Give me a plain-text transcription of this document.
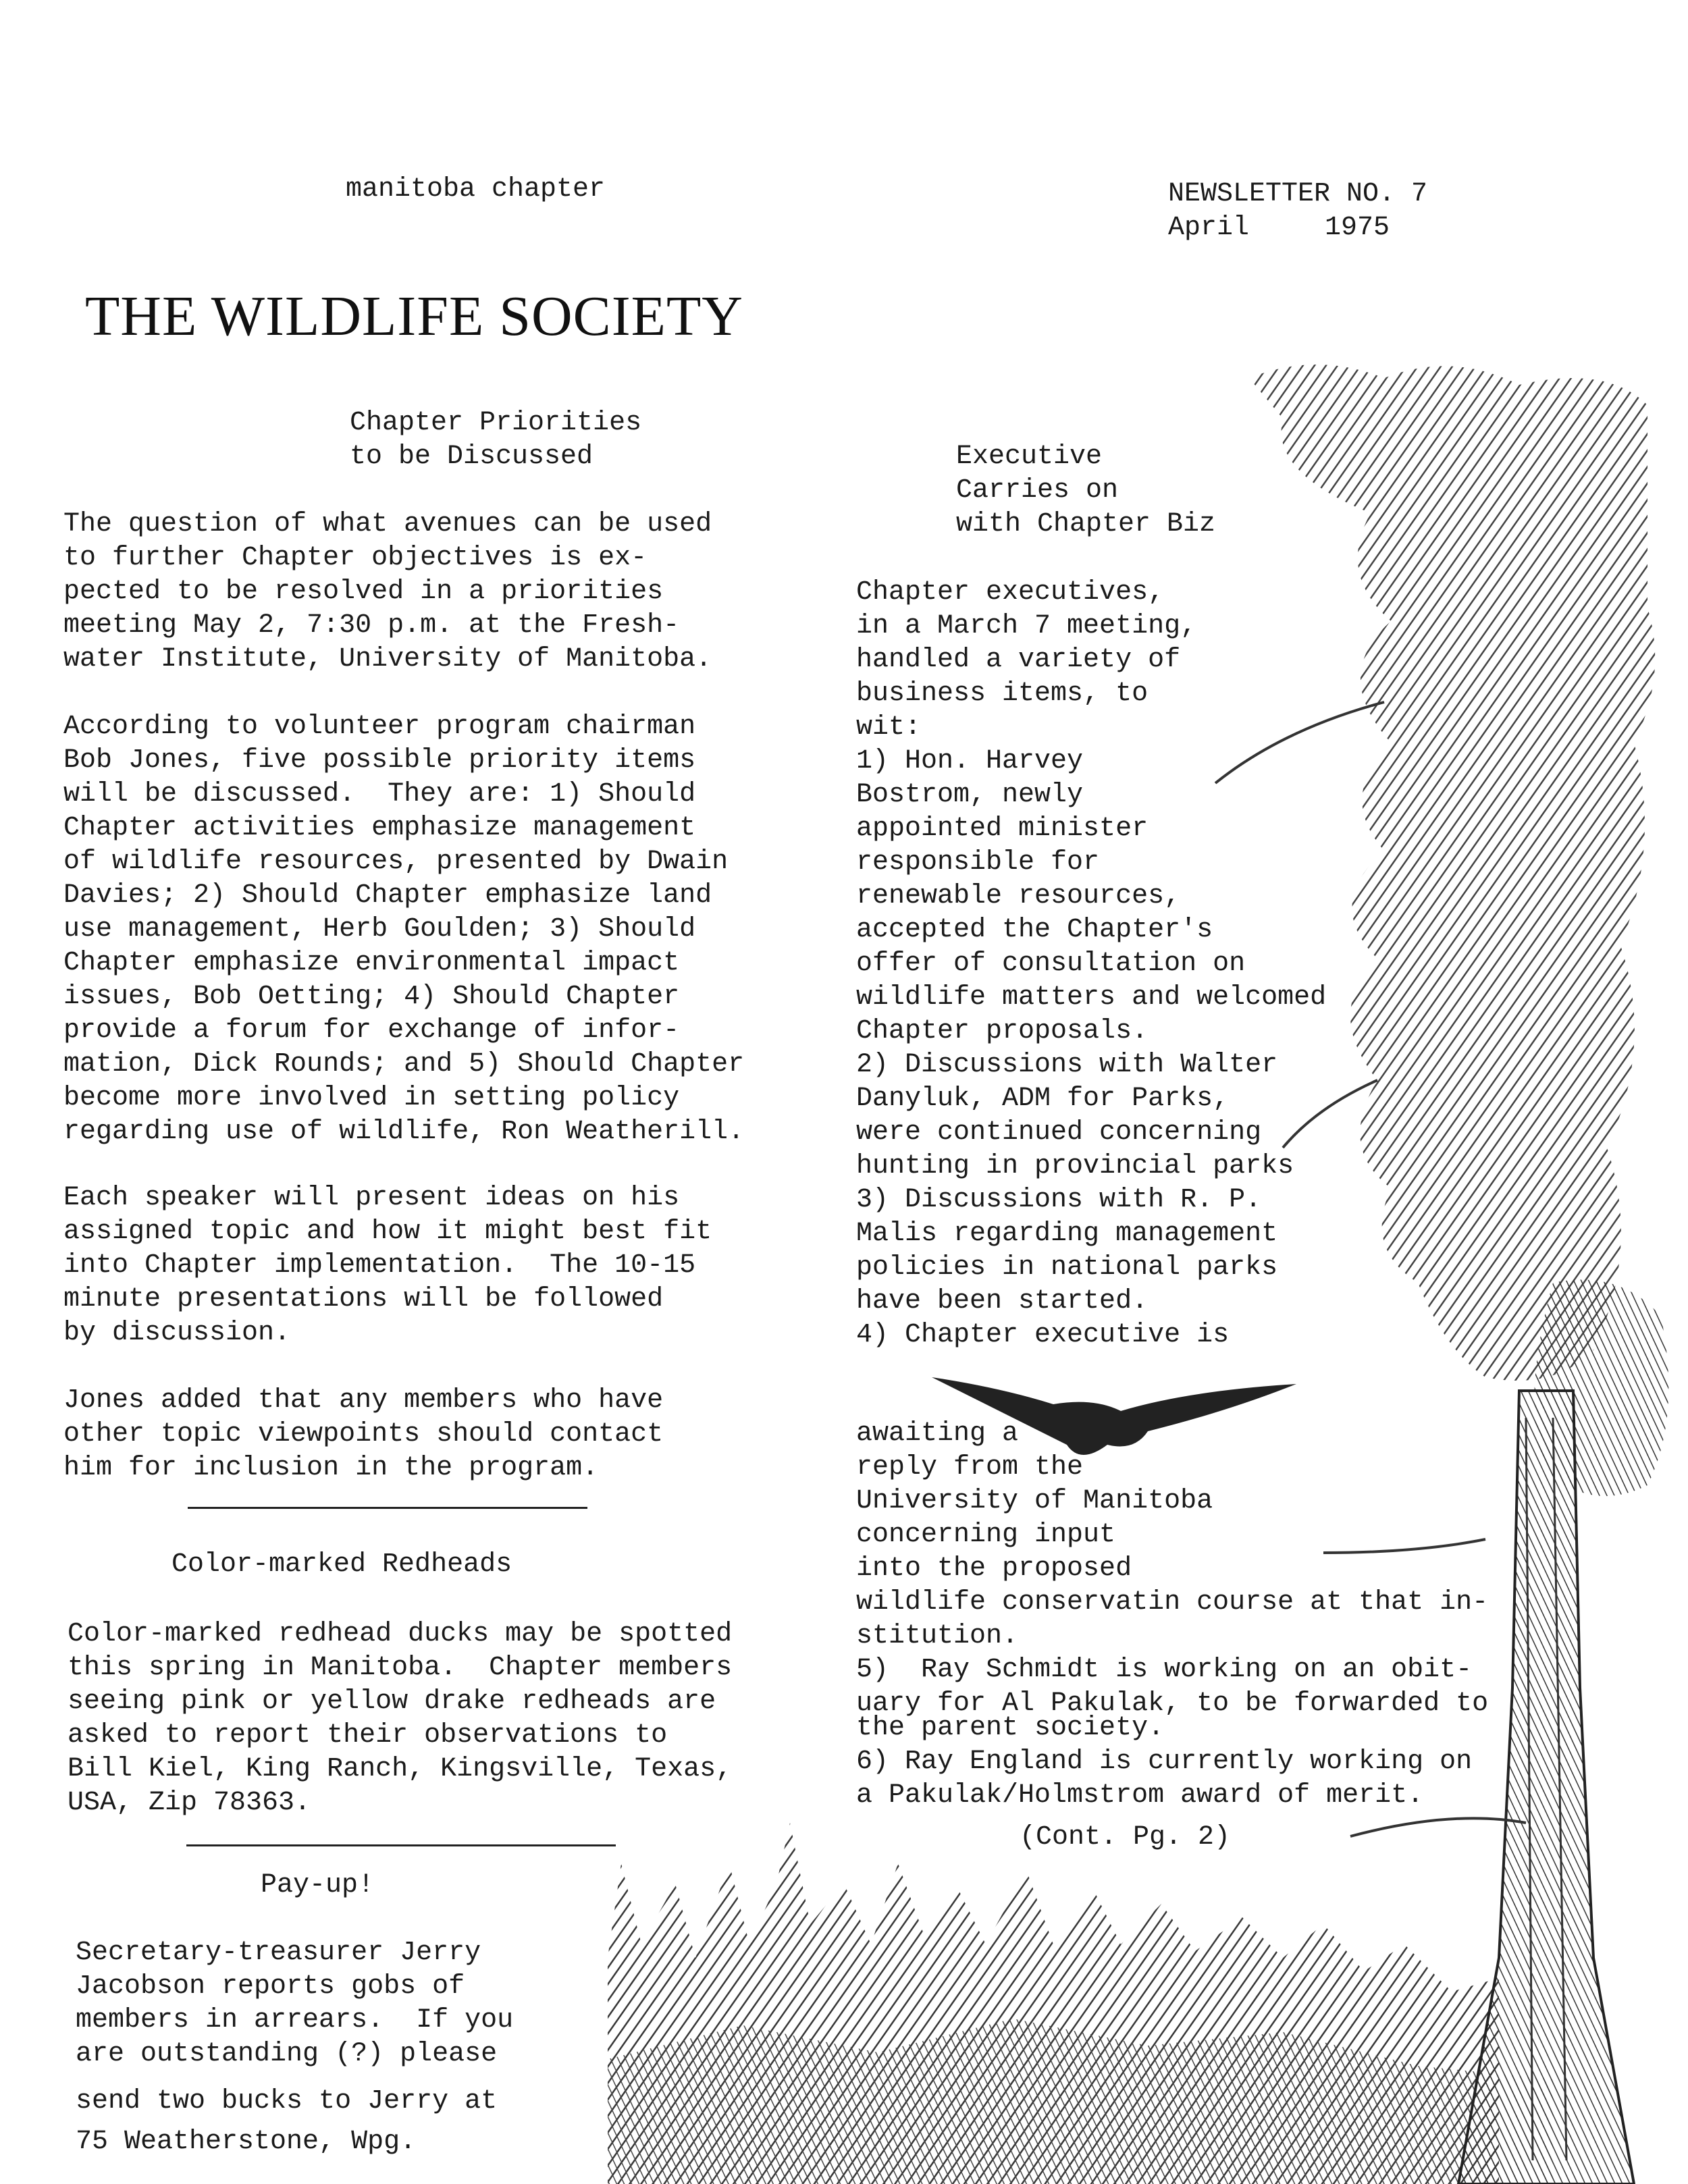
manitoba chapter	NEWSLETTER NO. 7
April	1975
THE WILDLIFE SOCIETY
Chapter Priorities
to be Discussed
The question of what avenues can be used
to further Chapter objectives is ex-
pected to be resolved in a priorities
meeting May 2, 7:30 p.m. at the Fresh-
water Institute, University of Manitoba.
According to volunteer program chairman
Bob Jones, five possible priority items
will be discussed.  They are: 1) Should
Chapter activities emphasize management
of wildlife resources, presented by Dwain
Davies; 2) Should Chapter emphasize land
use management, Herb Goulden; 3) Should
Chapter emphasize environmental impact
issues, Bob Oetting; 4) Should Chapter
provide a forum for exchange of infor-
mation, Dick Rounds; and 5) Should Chapter
become more involved in setting policy
regarding use of wildlife, Ron Weatherill.
Each speaker will present ideas on his
assigned topic and how it might best fit
into Chapter implementation.  The 10-15
minute presentations will be followed
by discussion.
Jones added that any members who have
other topic viewpoints should contact
him for inclusion in the program.
Color-marked Redheads
Color-marked redhead ducks may be spotted
this spring in Manitoba.  Chapter members
seeing pink or yellow drake redheads are
asked to report their observations to
Bill Kiel, King Ranch, Kingsville, Texas,
USA, Zip 78363.
Pay-up!
Secretary-treasurer Jerry
Jacobson reports gobs of
members in arrears.  If you
are outstanding (?) please
send two bucks to Jerry at
75 Weatherstone, Wpg.
Executive
Carries on
with Chapter Biz
Chapter executives,
in a March 7 meeting,
handled a variety of
business items, to
wit:
1) Hon. Harvey
Bostrom, newly
appointed minister
responsible for
renewable resources,
accepted the Chapter's
offer of consultation on
wildlife matters and welcomed
Chapter proposals.
2) Discussions with Walter
Danyluk, ADM for Parks,
were continued concerning
hunting in provincial parks
3) Discussions with R. P.
Malis regarding management
policies in national parks
have been started.
4) Chapter executive is
awaiting a
reply from the
University of Manitoba
concerning input
into the proposed
wildlife conservatin course at that in-
stitution.
5)  Ray Schmidt is working on an obit-
uary for Al Pakulak, to be forwarded to
the parent society.
6) Ray England is currently working on
a Pakulak/Holmstrom award of merit.
(Cont. Pg. 2)
